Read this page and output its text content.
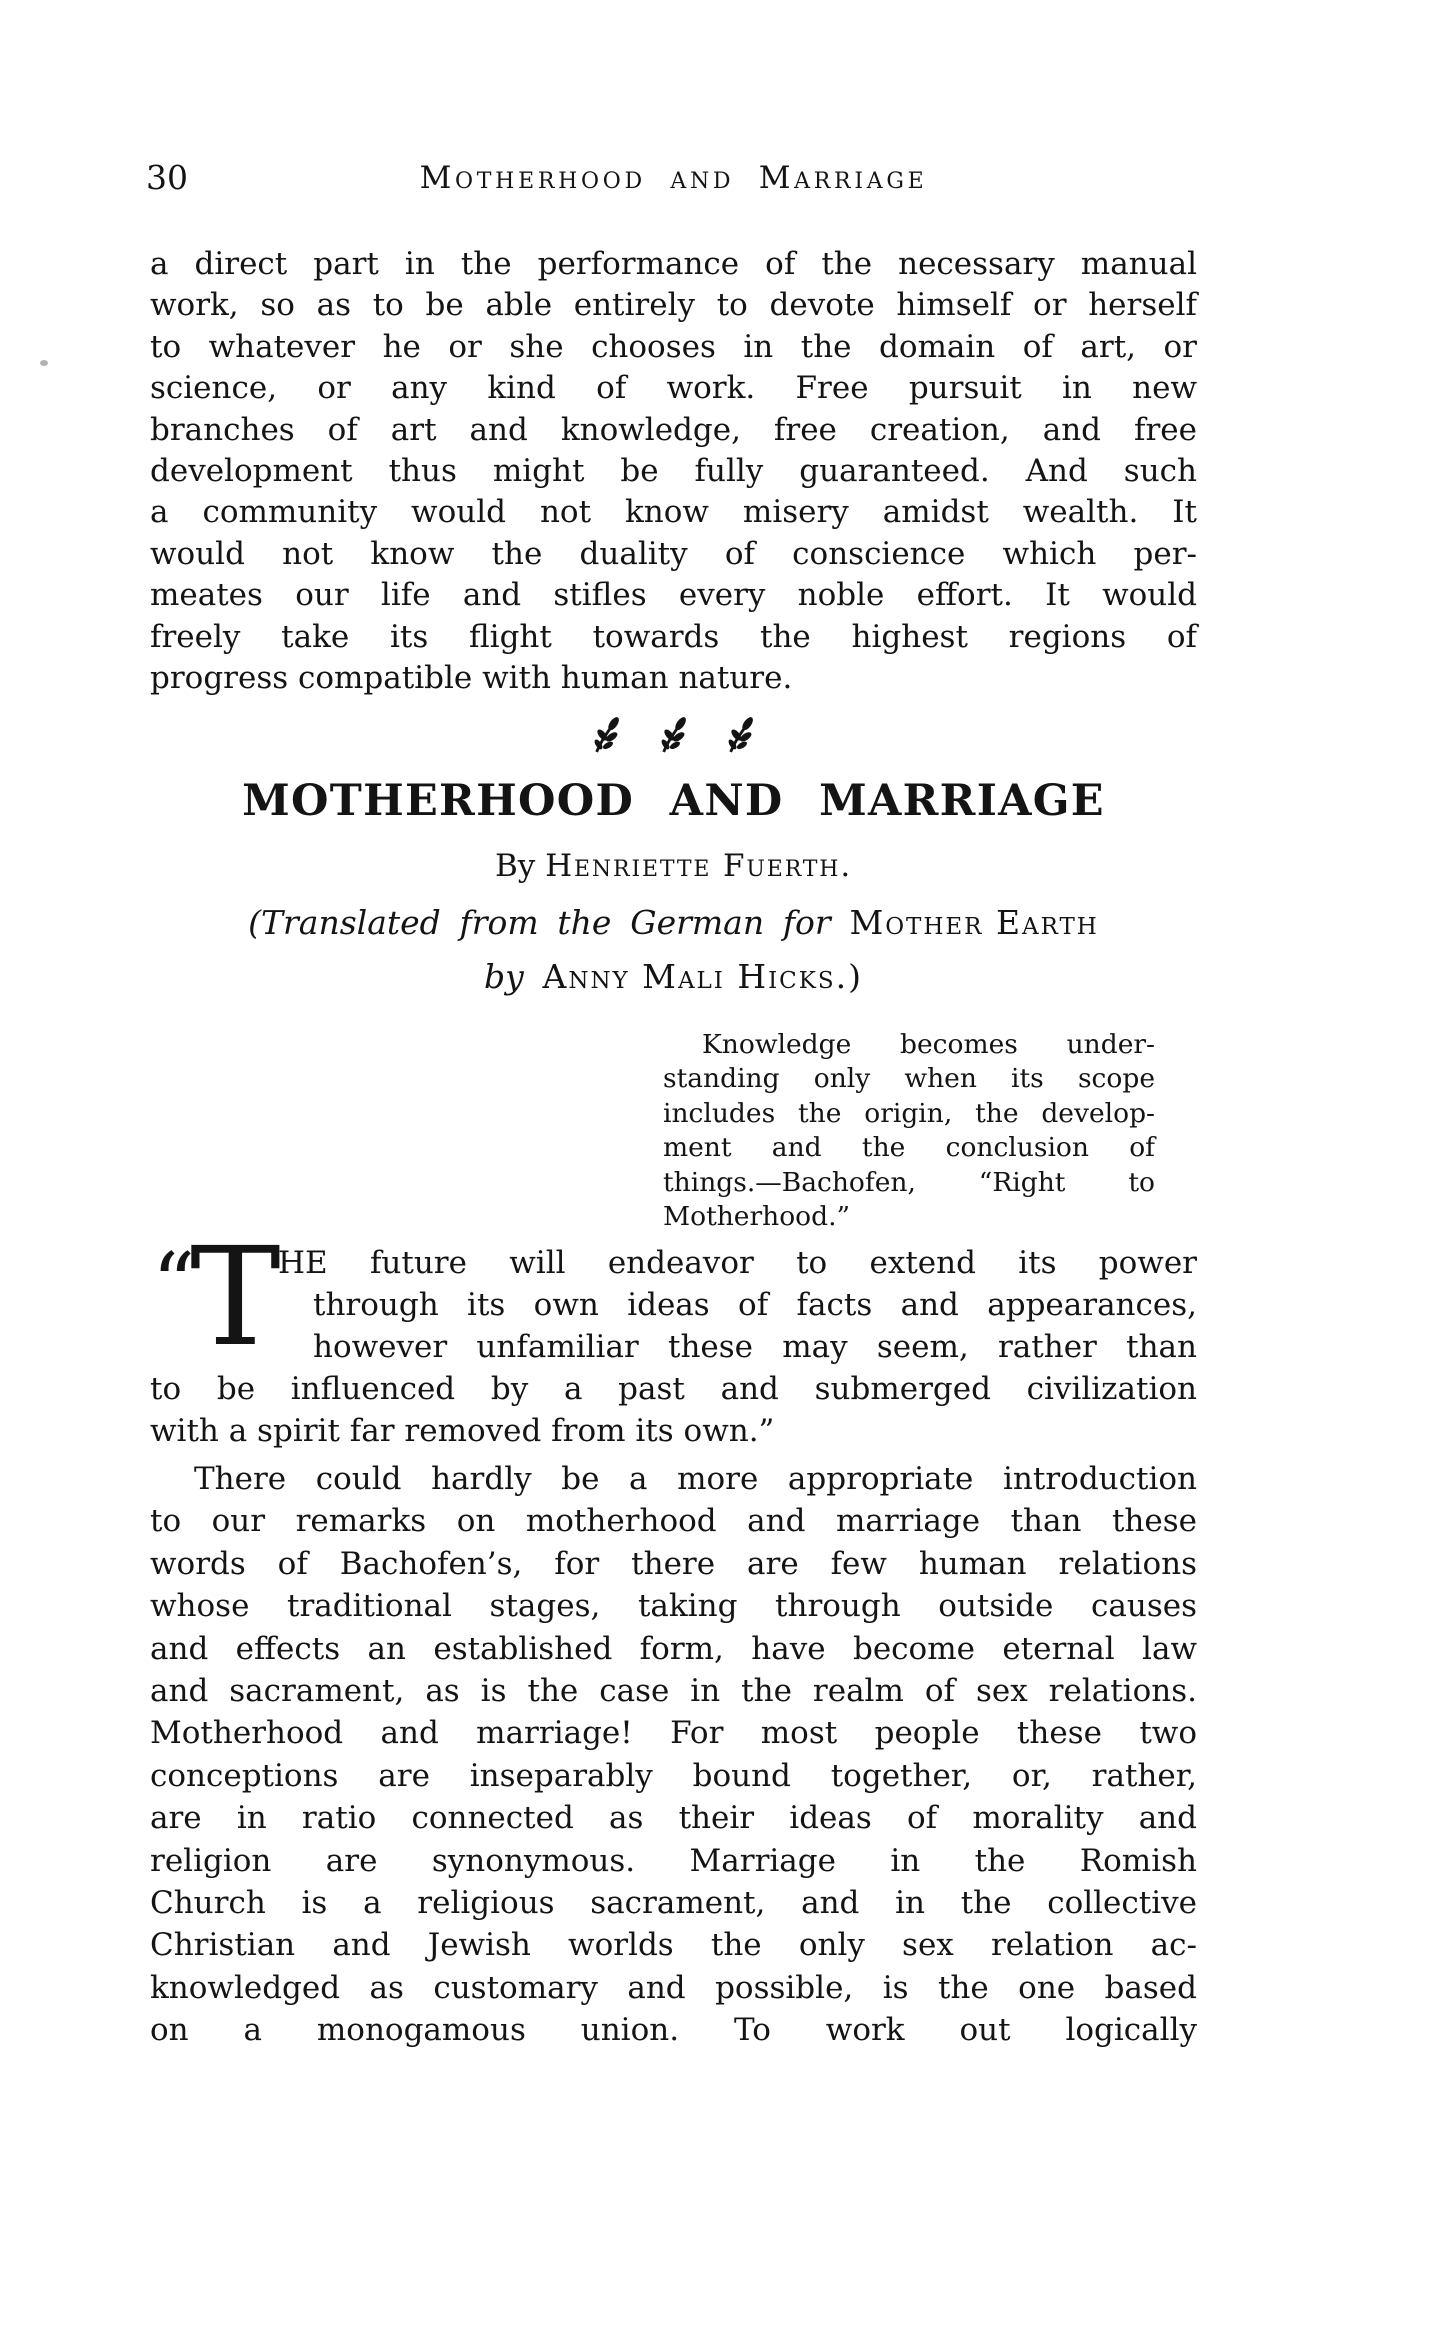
30	Motherhood and Marriage
a direct part in the performance of the necessary manual
work, so as to be able entirely to devote himself or herself
to whatever he or she chooses in the domain of art, or
science, or any kind of work. Free pursuit in new
branches of art and knowledge, free creation, and free
development thus might be fully guaranteed. And such
a community would not know misery amidst wealth. It
would not know the duality of conscience which per-
meates our life and stifles every noble effort. It would
freely take its flight towards the highest regions of
progress compatible with human nature.
MOTHERHOOD AND MARRIAGE
By Henriette Fuerth.
(Translated from the German for Mother Earth
by Anny Mali Hicks.)
Knowledge becomes under-
standing only when its scope
includes the origin, the develop-
ment and the conclusion of
things.—Bachofen, “Right to
Motherhood.”
“
T
HE future will endeavor to extend its power
through its own ideas of facts and appearances,
however unfamiliar these may seem, rather than
to be influenced by a past and submerged civilization
with a spirit far removed from its own.”
There could hardly be a more appropriate introduction
to our remarks on motherhood and marriage than these
words of Bachofen’s, for there are few human relations
whose traditional stages, taking through outside causes
and effects an established form, have become eternal law
and sacrament, as is the case in the realm of sex relations.
Motherhood and marriage! For most people these two
conceptions are inseparably bound together, or, rather,
are in ratio connected as their ideas of morality and
religion are synonymous. Marriage in the Romish
Church is a religious sacrament, and in the collective
Christian and Jewish worlds the only sex relation ac-
knowledged as customary and possible, is the one based
on a monogamous union. To work out logically
